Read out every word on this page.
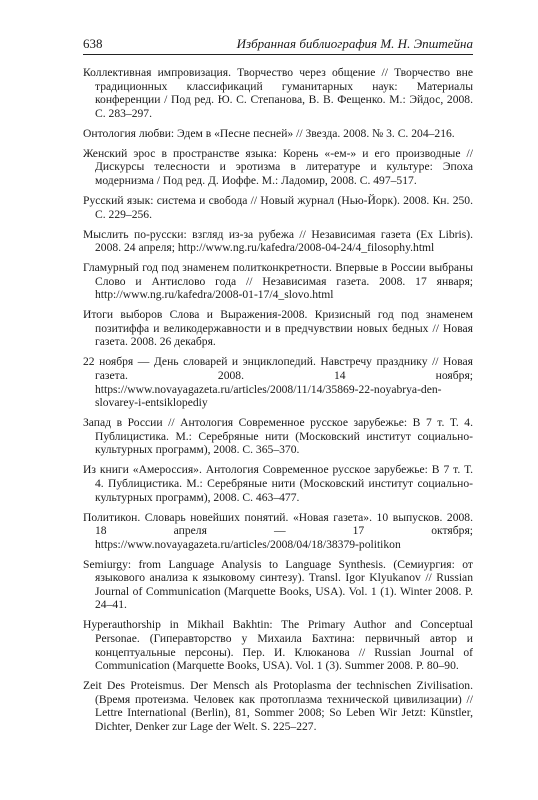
638	Избранная библиография М. Н. Эпштейна

Коллективная импровизация. Творчество через общение // Творчество вне традиционных классификаций гуманитарных наук: Материалы конференции / Под ред. Ю. С. Степанова, В. В. Фещенко. М.: Эйдос, 2008. С. 283–297.

Онтология любви: Эдем в «Песне песней» // Звезда. 2008. № 3. С. 204–216.

Женский эрос в пространстве языка: Корень «-ем-» и его производные // Дискурсы телесности и эротизма в литературе и культуре: Эпоха модернизма / Под ред. Д. Иоффе. М.: Ладомир, 2008. С. 497–517.

Русский язык: система и свобода // Новый журнал (Нью-Йорк). 2008. Кн. 250. С. 229–256.

Мыслить по-русски: взгляд из-за рубежа // Независимая газета (Ex Libris). 2008. 24 апреля; http://www.ng.ru/kafedra/2008-04-24/4_filosophy.html

Гламурный год под знаменем политконкретности. Впервые в России выбраны Слово и Антислово года // Независимая газета. 2008. 17 января; http://www.ng.ru/kafedra/2008-01-17/4_slovo.html

Итоги выборов Слова и Выражения-2008. Кризисный год под знаменем позитиффа и великодержавности и в предчувствии новых бедных // Новая газета. 2008. 26 декабря.

22 ноября — День словарей и энциклопедий. Навстречу празднику // Новая газета. 2008. 14 ноября; https://www.novayagazeta.ru/articles/2008/11/14/35869-22-noyabrya-den-slovarey-i-entsiklopediy

Запад в России // Антология Современное русское зарубежье: В 7 т. Т. 4. Публицистика. М.: Серебряные нити (Московский институт социально-культурных программ), 2008. С. 365–370.

Из книги «Амероссия». Антология Современное русское зарубежье: В 7 т. Т. 4. Публицистика. М.: Серебряные нити (Московский институт социально-культурных программ), 2008. С. 463–477.

Политикон. Словарь новейших понятий. «Новая газета». 10 выпусков. 2008. 18 апреля — 17 октября; https://www.novayagazeta.ru/articles/2008/04/18/38379-politikon

Semiurgy: from Language Analysis to Language Synthesis. (Семиургия: от языкового анализа к языковому синтезу). Transl. Igor Klyukanov // Russian Journal of Communication (Marquette Books, USA). Vol. 1 (1). Winter 2008. P. 24–41.

Hyperauthorship in Mikhail Bakhtin: The Primary Author and Conceptual Personae. (Гиперавторство у Михаила Бахтина: первичный автор и концептуальные персоны). Пер. И. Клюканова // Russian Journal of Communication (Marquette Books, USA). Vol. 1 (3). Summer 2008. P. 80–90.

Zeit Des Proteismus. Der Mensch als Protoplasma der technischen Zivilisation. (Время протеизма. Человек как протоплазма технической цивилизации) // Lettre International (Berlin), 81, Sommer 2008; So Leben Wir Jetzt: Künstler, Dichter, Denker zur Lage der Welt. S. 225–227.
